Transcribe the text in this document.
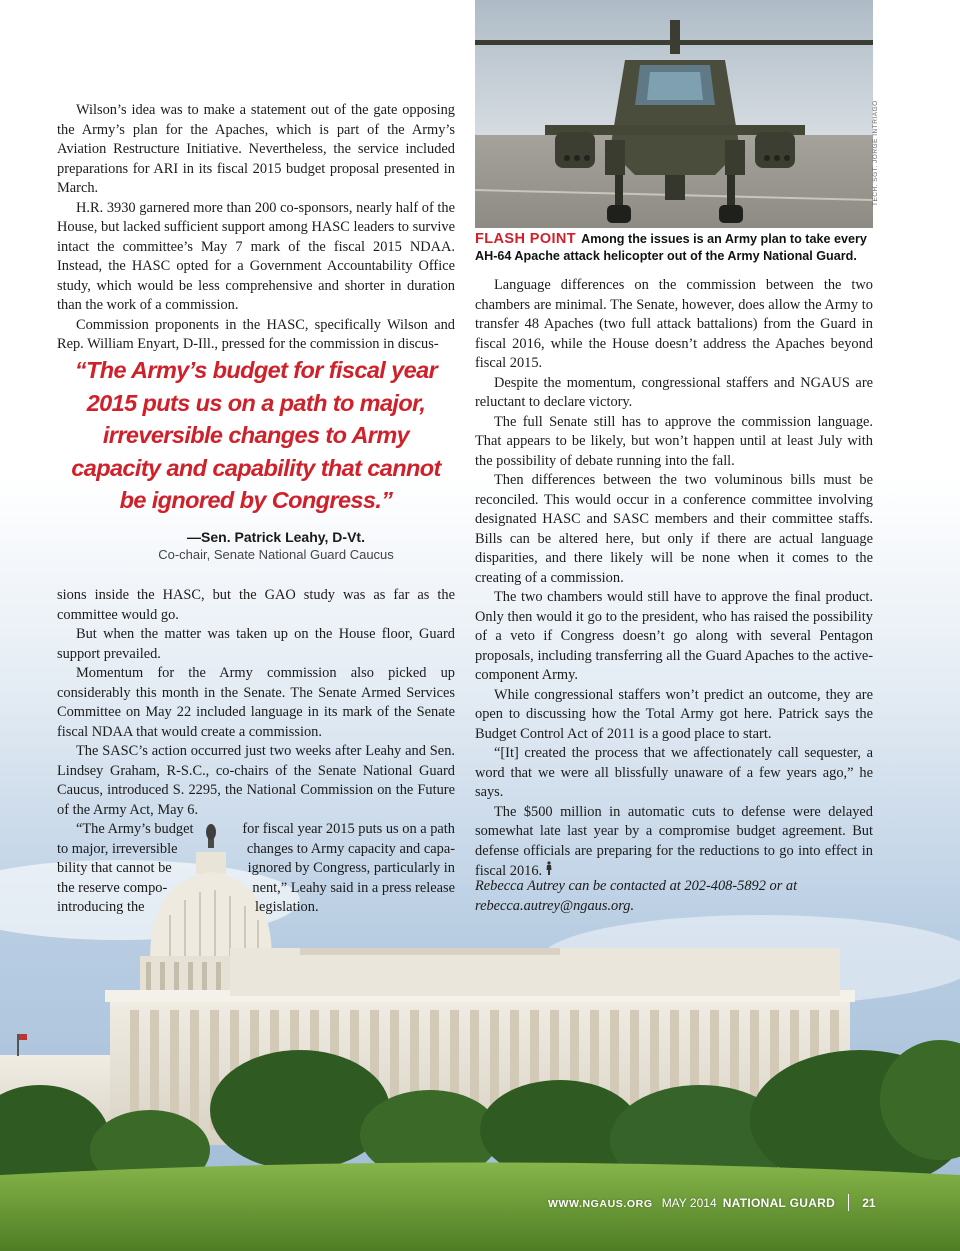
TECH. SGT. JORGE INTRIAGO
FLASH POINT Among the issues is an Army plan to take every AH-64 Apache attack helicopter out of the Army National Guard.

Wilson’s idea was to make a statement out of the gate opposing the Army’s plan for the Apaches, which is part of the Army’s Aviation Restructure Initiative. Nevertheless, the service included preparations for ARI in its fiscal 2015 budget proposal presented in March.

H.R. 3930 garnered more than 200 co-sponsors, nearly half of the House, but lacked sufficient support among HASC leaders to survive intact the committee’s May 7 mark of the fiscal 2015 NDAA. Instead, the HASC opted for a Government Accountability Office study, which would be less comprehensive and shorter in duration than the work of a commission.

Commission proponents in the HASC, specifically Wilson and Rep. William Enyart, D-Ill., pressed for the commission in discus-

“The Army’s budget for fiscal year 2015 puts us on a path to major, irreversible changes to Army capacity and capability that cannot be ignored by Congress.”
—Sen. Patrick Leahy, D-Vt.
Co-chair, Senate National Guard Caucus

sions inside the HASC, but the GAO study was as far as the committee would go.

But when the matter was taken up on the House floor, Guard support prevailed.

Momentum for the Army commission also picked up considerably this month in the Senate. The Senate Armed Services Committee on May 22 included language in its mark of the Senate fiscal NDAA that would create a commission.

The SASC’s action occurred just two weeks after Leahy and Sen. Lindsey Graham, R-S.C., co-chairs of the Senate National Guard Caucus, introduced S. 2295, the National Commission on the Future of the Army Act, May 6.

“The Army’s budget
to major, irreversible
bility that cannot be
the reserve compo-
introducing the
for fiscal year 2015 puts us on a path
changes to Army capacity and capa-
ignored by Congress, particularly in
nent,” Leahy said in a press release
legislation.

Language differences on the commission between the two chambers are minimal. The Senate, however, does allow the Army to transfer 48 Apaches (two full attack battalions) from the Guard in fiscal 2016, while the House doesn’t address the Apaches beyond fiscal 2015.

Despite the momentum, congressional staffers and NGAUS are reluctant to declare victory.

The full Senate still has to approve the commission language. That appears to be likely, but won’t happen until at least July with the possibility of debate running into the fall.

Then differences between the two voluminous bills must be reconciled. This would occur in a conference committee involving designated HASC and SASC members and their committee staffs. Bills can be altered here, but only if there are actual language disparities, and there likely will be none when it comes to the creating of a commission.

The two chambers would still have to approve the final product. Only then would it go to the president, who has raised the possibility of a veto if Congress doesn’t go along with several Pentagon proposals, including transferring all the Guard Apaches to the active-component Army.

While congressional staffers won’t predict an outcome, they are open to discussing how the Total Army got here. Patrick says the Budget Control Act of 2011 is a good place to start.

“[It] created the process that we affectionately call sequester, a word that we were all blissfully unaware of a few years ago,” he says.

The $500 million in automatic cuts to defense were delayed somewhat late last year by a compromise budget agreement. But defense officials are preparing for the reductions to go into effect in fiscal 2016.

Rebecca Autrey can be contacted at 202-408-5892 or at rebecca.autrey@ngaus.org.
WWW.NGAUS.ORG MAY 2014 NATIONAL GUARD 21
